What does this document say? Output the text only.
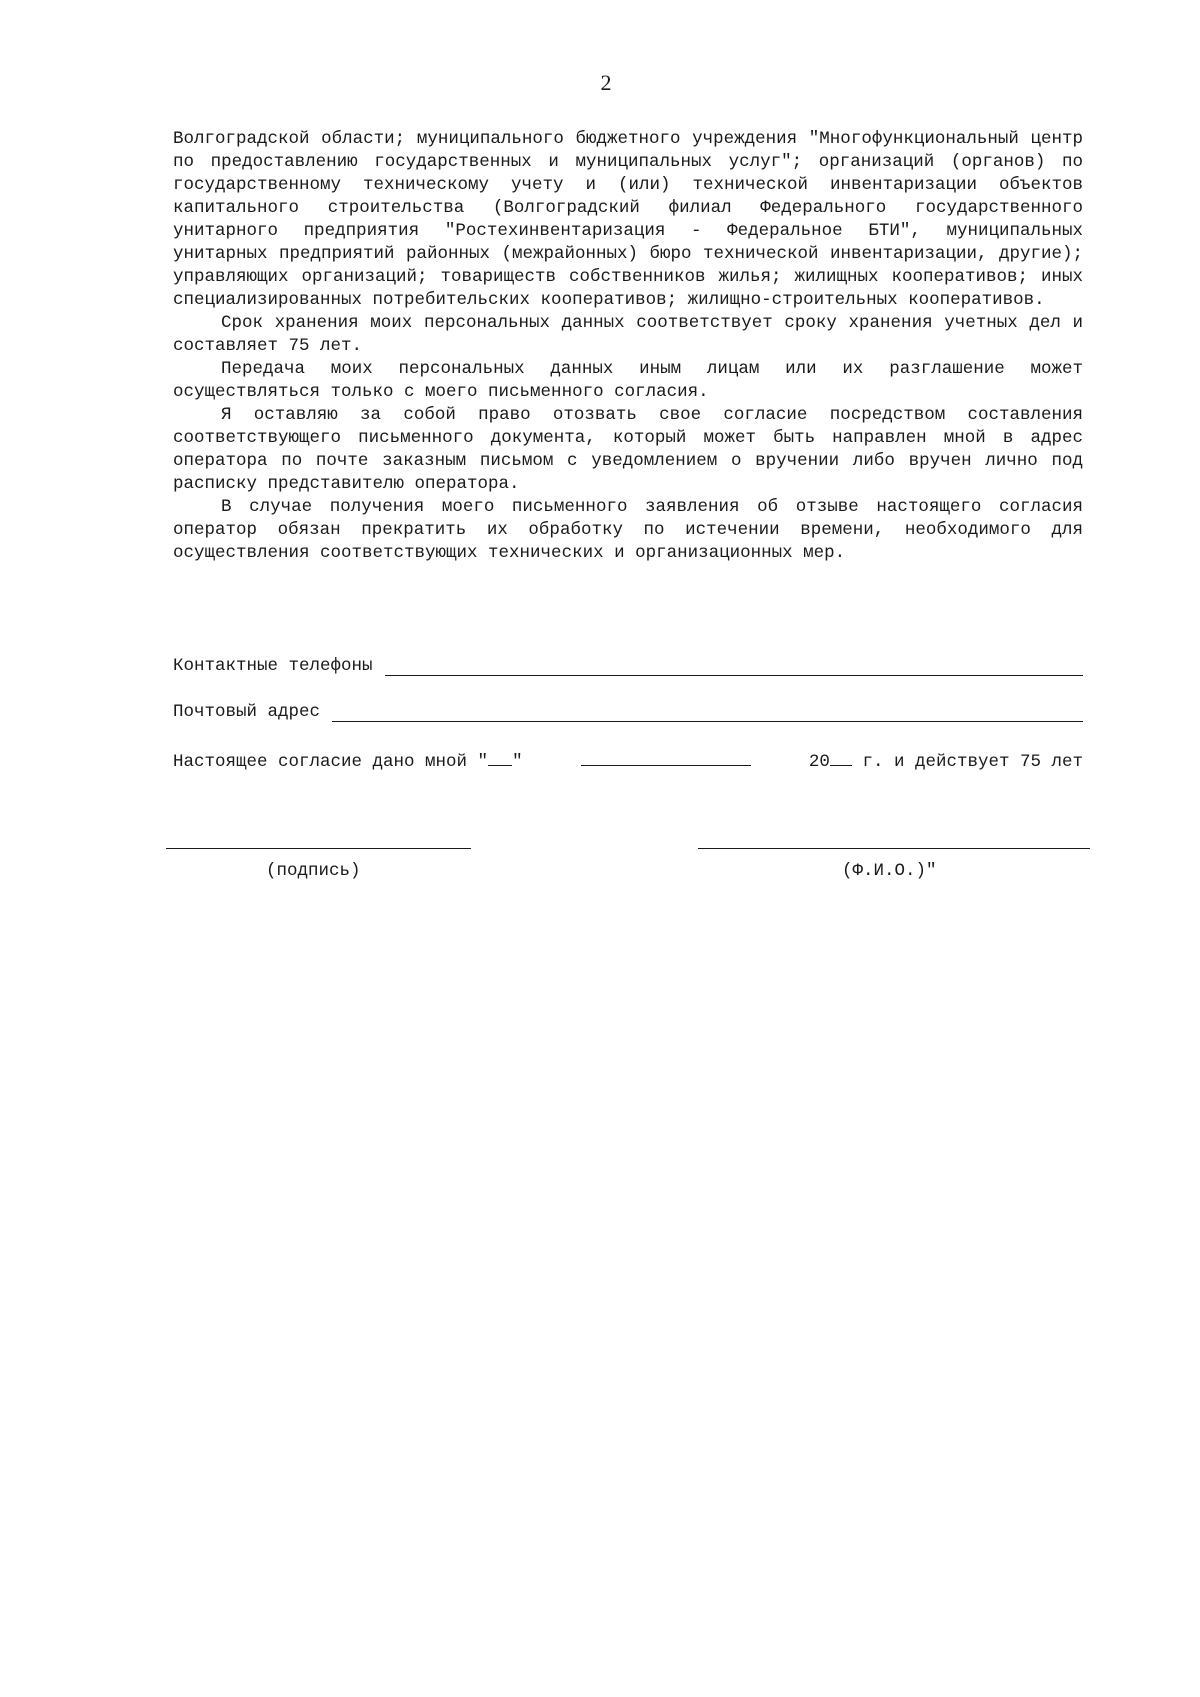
2

Волгоградской области; муниципального бюджетного учреждения "Многофункциональный центр по предоставлению государственных и муниципальных услуг"; организаций (органов) по государственному техническому учету и (или) технической инвентаризации объектов капитального строительства (Волгоградский филиал Федерального государственного унитарного предприятия "Ростехинвентаризация - Федеральное БТИ", муниципальных унитарных предприятий районных (межрайонных) бюро технической инвентаризации, другие); управляющих организаций; товариществ собственников жилья; жилищных кооперативов; иных специализированных потребительских кооперативов; жилищно-строительных кооперативов.

Срок хранения моих персональных данных соответствует сроку хранения учетных дел и составляет 75 лет.

Передача моих персональных данных иным лицам или их разглашение может осуществляться только с моего письменного согласия.

Я оставляю за собой право отозвать свое согласие посредством составления соответствующего письменного документа, который может быть направлен мной в адрес оператора по почте заказным письмом с уведомлением о вручении либо вручен лично под расписку представителю оператора.

В случае получения моего письменного заявления об отзыве настоящего согласия оператор обязан прекратить их обработку по истечении времени, необходимого для осуществления соответствующих технических и организационных мер.

Контактные телефоны
Почтовый адрес
Настоящее согласие дано мной " "	20 г. и действует 75 лет
(подпись)	(Ф.И.О.)"
